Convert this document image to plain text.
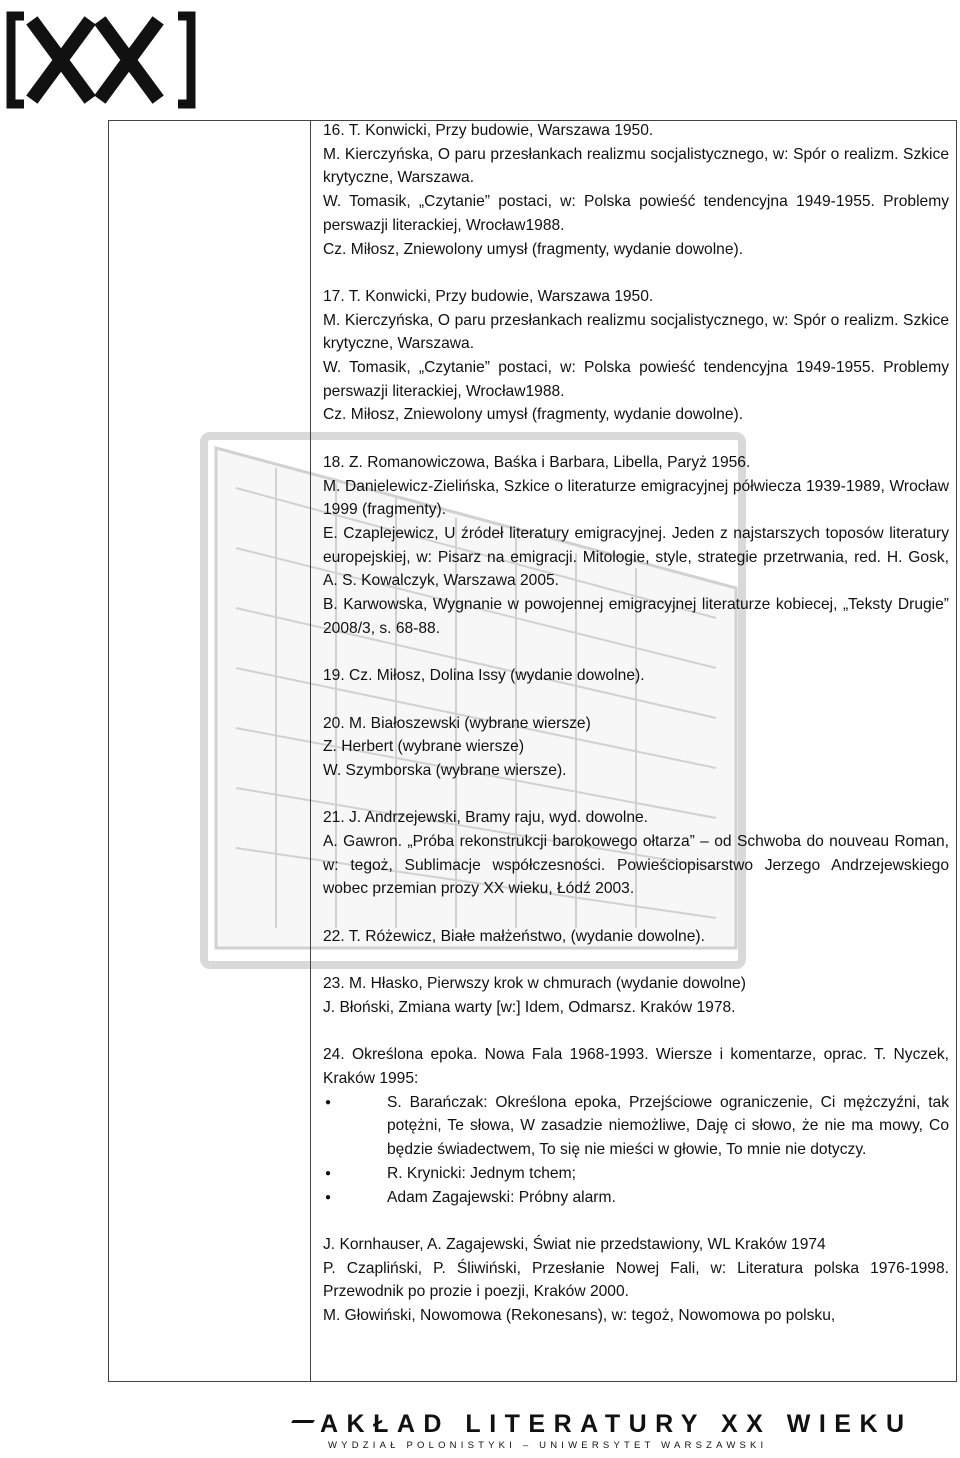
16. T. Konwicki, Przy budowie, Warszawa 1950.

M. Kierczyńska, O paru przesłankach realizmu socjalistycznego, w: Spór o realizm. Szkice krytyczne, Warszawa.

W. Tomasik, „Czytanie” postaci, w: Polska powieść tendencyjna 1949-1955. Problemy perswazji literackiej, Wrocław1988.

Cz. Miłosz, Zniewolony umysł (fragmenty, wydanie dowolne).

17. T. Konwicki, Przy budowie, Warszawa 1950.

M. Kierczyńska, O paru przesłankach realizmu socjalistycznego, w: Spór o realizm. Szkice krytyczne, Warszawa.

W. Tomasik, „Czytanie” postaci, w: Polska powieść tendencyjna 1949-1955. Problemy perswazji literackiej, Wrocław1988.

Cz. Miłosz, Zniewolony umysł (fragmenty, wydanie dowolne).

18. Z. Romanowiczowa, Baśka i Barbara, Libella, Paryż 1956.

M. Danielewicz-Zielińska, Szkice o literaturze emigracyjnej półwiecza 1939-1989, Wrocław 1999 (fragmenty).

E. Czaplejewicz, U źródeł literatury emigracyjnej. Jeden z najstarszych toposów literatury europejskiej, w: Pisarz na emigracji. Mitologie, style, strategie przetrwania, red. H. Gosk, A. S. Kowalczyk, Warszawa 2005.

B. Karwowska, Wygnanie w powojennej emigracyjnej literaturze kobiecej, „Teksty Drugie” 2008/3, s. 68-88.

19. Cz. Miłosz, Dolina Issy (wydanie dowolne).

20. M. Białoszewski (wybrane wiersze)

Z. Herbert (wybrane wiersze)

W. Szymborska (wybrane wiersze).

21. J. Andrzejewski, Bramy raju, wyd. dowolne.

A. Gawron. „Próba rekonstrukcji barokowego ołtarza” – od Schwoba do nouveau Roman, w: tegoż, Sublimacje współczesności. Powieściopisarstwo Jerzego Andrzejewskiego wobec przemian prozy XX wieku, Łódź 2003.

22. T. Różewicz, Białe małżeństwo, (wydanie dowolne).

23. M. Hłasko, Pierwszy krok w chmurach (wydanie dowolne)

J. Błoński, Zmiana warty [w:] Idem, Odmarsz. Kraków 1978.

24. Określona epoka. Nowa Fala 1968-1993. Wiersze i komentarze, oprac. T. Nyczek, Kraków 1995:

● S. Barańczak: Określona epoka, Przejściowe ograniczenie, Ci mężczyźni, tak potężni, Te słowa, W zasadzie niemożliwe, Daję ci słowo, że nie ma mowy, Co będzie świadectwem, To się nie mieści w głowie, To mnie nie dotyczy.

● R. Krynicki: Jednym tchem;

● Adam Zagajewski: Próbny alarm.

J. Kornhauser, A. Zagajewski, Świat nie przedstawiony, WL Kraków 1974

P. Czapliński, P. Śliwiński, Przesłanie Nowej Fali, w: Literatura polska 1976-1998. Przewodnik po prozie i poezji, Kraków 2000.

M. Głowiński, Nowomowa (Rekonesans), w: tegoż, Nowomowa po polsku,

AKŁAD LITERATURY XX WIEKU
WYDZIAŁ POLONISTYKI – UNIWERSYTET WARSZAWSKI
